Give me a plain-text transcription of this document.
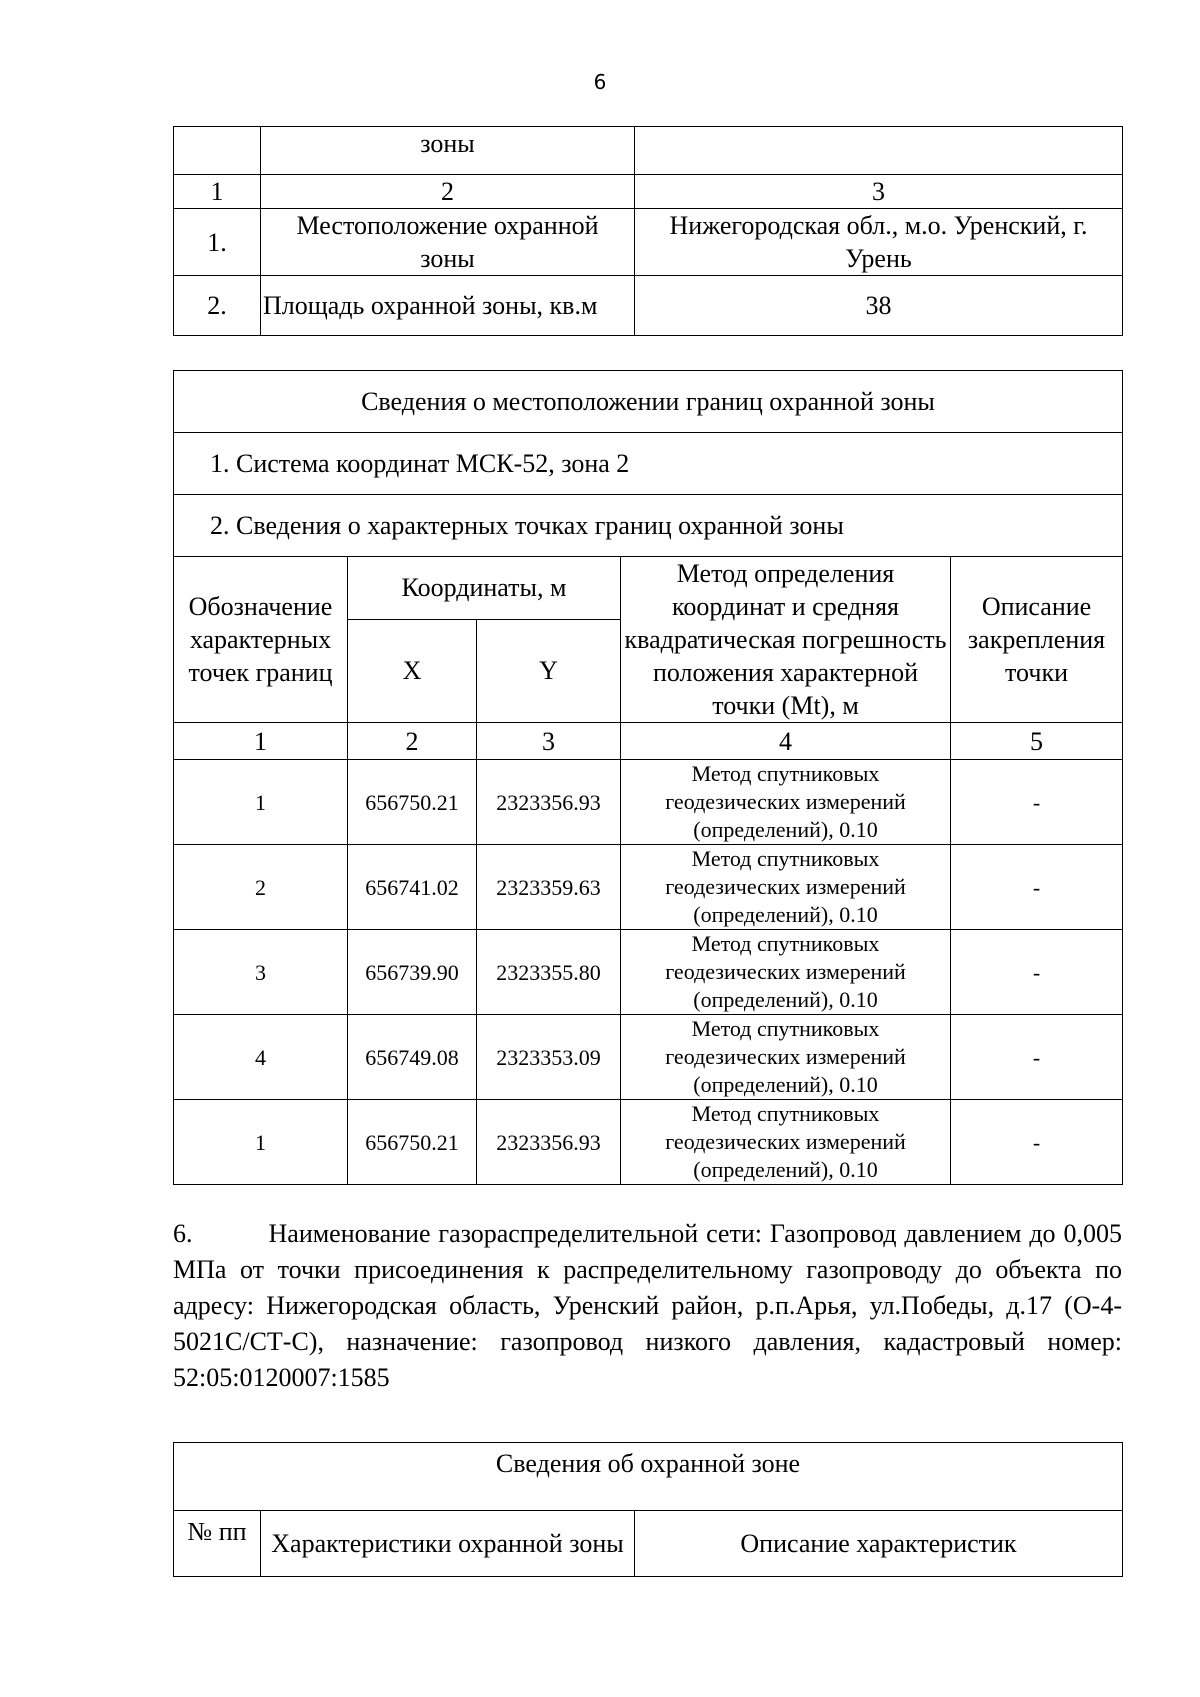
6
	зоны	
1	2	3
1.	Местоположение охранной зоны	Нижегородская обл., м.о. Уренский, г. Урень
2.	Площадь охранной зоны, кв.м	38
Сведения о местоположении границ охранной зоны				
1. Система координат МСК-52, зона 2				
2. Сведения о характерных точках границ охранной зоны				
Обозначение характерных точек границ	Координаты, м		Метод определения координат и средняя квадратическая погрешность положения характерной точки (Mt), м	Описание закрепления точки
	X	Y		
1	2	3	4	5
1	656750.21	2323356.93	Метод спутниковых геодезических измерений (определений), 0.10	-
2	656741.02	2323359.63	Метод спутниковых геодезических измерений (определений), 0.10	-
3	656739.90	2323355.80	Метод спутниковых геодезических измерений (определений), 0.10	-
4	656749.08	2323353.09	Метод спутниковых геодезических измерений (определений), 0.10	-
1	656750.21	2323356.93	Метод спутниковых геодезических измерений (определений), 0.10	-
6.	Наименование газораспределительной сети: Газопровод давлением до 0,005 МПа от точки присоединения к распределительному газопроводу до объекта по адресу: Нижегородская область, Уренский район, р.п.Арья, ул.Победы, д.17 (О-4-5021С/СТ-С), назначение: газопровод низкого давления, кадастровый номер: 52:05:0120007:1585
Сведения об охранной зоне
№ пп	Характеристики охранной зоны	Описание характеристик
